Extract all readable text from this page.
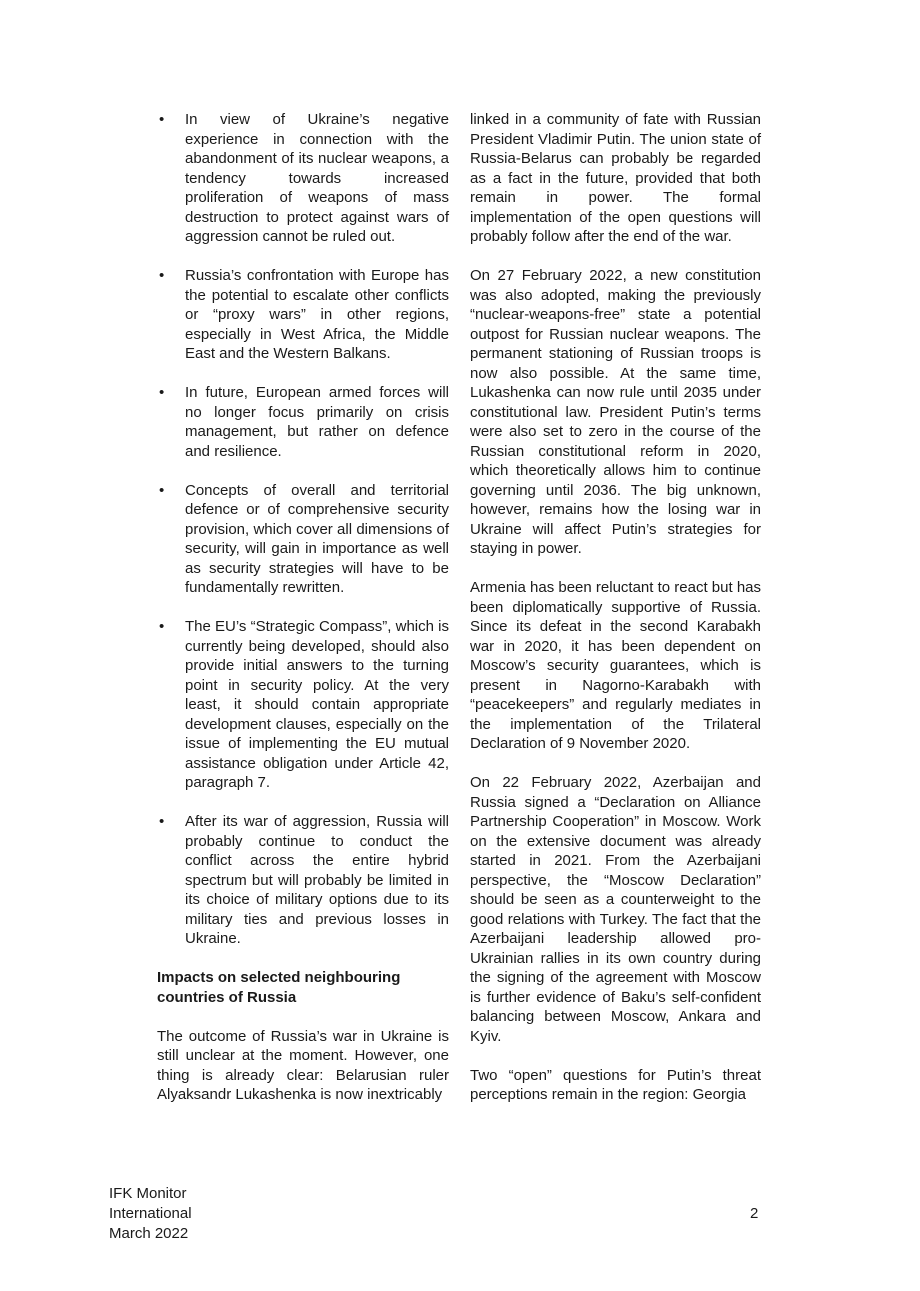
• In view of Ukraine’s negative experience in connection with the abandonment of its nuclear weapons, a tendency towards increased proliferation of weapons of mass destruction to protect against wars of aggression cannot be ruled out.
• Russia’s confrontation with Europe has the potential to escalate other conflicts or “proxy wars” in other regions, especially in West Africa, the Middle East and the Western Balkans.
• In future, European armed forces will no longer focus primarily on crisis management, but rather on defence and resilience.
• Concepts of overall and territorial defence or of comprehensive security provision, which cover all dimensions of security, will gain in importance as well as security strategies will have to be fundamentally rewritten.
• The EU’s “Strategic Compass”, which is currently being developed, should also provide initial answers to the turning point in security policy. At the very least, it should contain appropriate development clauses, especially on the issue of implementing the EU mutual assistance obligation under Article 42, paragraph 7.
• After its war of aggression, Russia will probably continue to conduct the conflict across the entire hybrid spectrum but will probably be limited in its choice of military options due to its military ties and previous losses in Ukraine.
Impacts on selected neighbouring countries of Russia

The outcome of Russia’s war in Ukraine is still unclear at the moment. However, one thing is already clear: Belarusian ruler Alyaksandr Lukashenka is now inextricably

linked in a community of fate with Russian President Vladimir Putin. The union state of Russia-Belarus can probably be regarded as a fact in the future, provided that both remain in power. The formal implementation of the open questions will probably follow after the end of the war.

On 27 February 2022, a new constitution was also adopted, making the previously “nuclear-weapons-free” state a potential outpost for Russian nuclear weapons. The permanent stationing of Russian troops is now also possible. At the same time, Lukashenka can now rule until 2035 under constitutional law. President Putin’s terms were also set to zero in the course of the Russian constitutional reform in 2020, which theoretically allows him to continue governing until 2036. The big unknown, however, remains how the losing war in Ukraine will affect Putin’s strategies for staying in power.

Armenia has been reluctant to react but has been diplomatically supportive of Russia. Since its defeat in the second Karabakh war in 2020, it has been dependent on Moscow’s security guarantees, which is present in Nagorno-Karabakh with “peacekeepers” and regularly mediates in the implementation of the Trilateral Declaration of 9 November 2020.

On 22 February 2022, Azerbaijan and Russia signed a “Declaration on Alliance Partnership Cooperation” in Moscow. Work on the extensive document was already started in 2021. From the Azerbaijani perspective, the “Moscow Declaration” should be seen as a counterweight to the good relations with Turkey. The fact that the Azerbaijani leadership allowed pro-Ukrainian rallies in its own country during the signing of the agreement with Moscow is further evidence of Baku’s self-confident balancing between Moscow, Ankara and Kyiv.

Two “open” questions for Putin’s threat perceptions remain in the region: Georgia

IFK Monitor
International
March 2022
2
